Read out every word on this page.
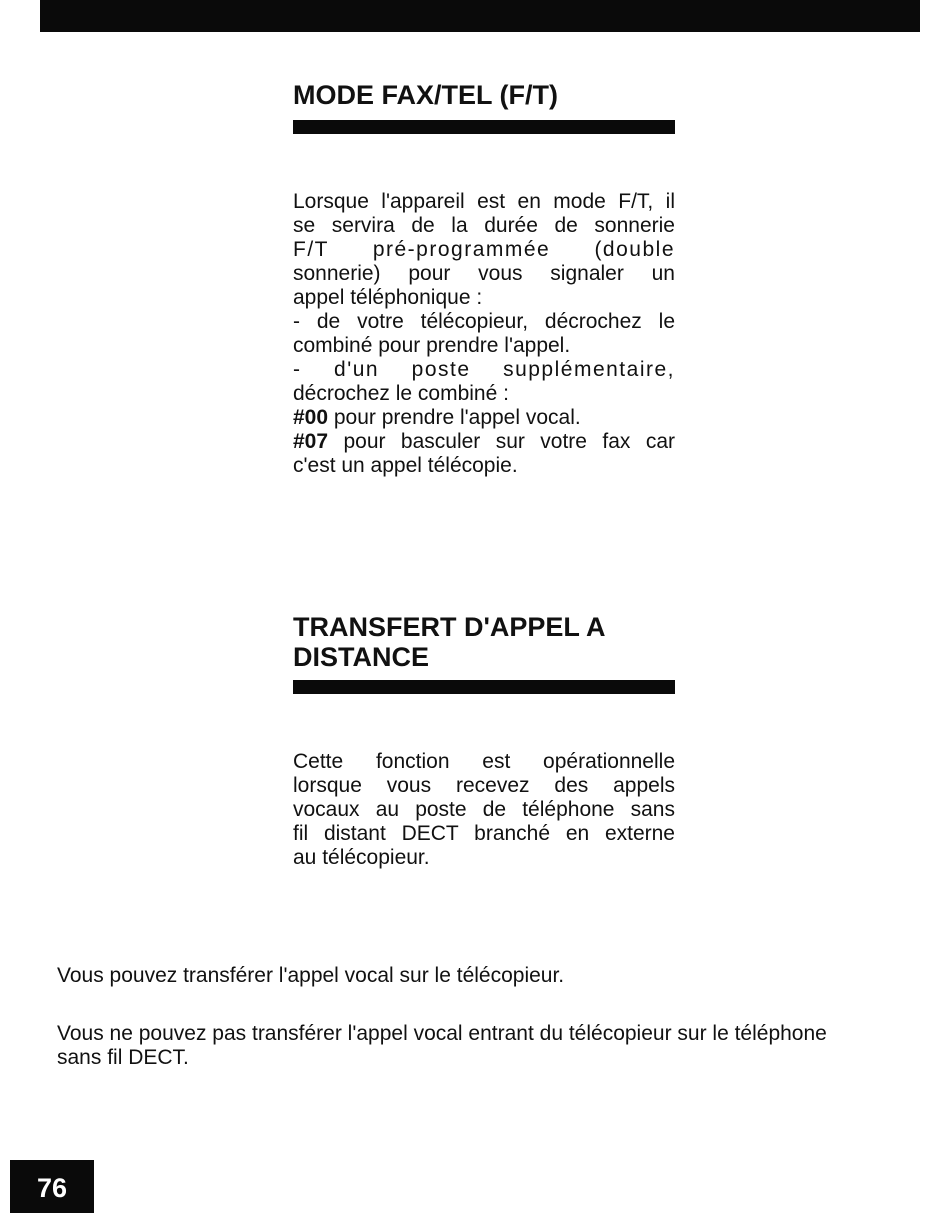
MODE FAX/TEL (F/T)
Lorsque l'appareil est en mode F/T, il
se servira de la durée de sonnerie
F/T pré-programmée (double
sonnerie) pour vous signaler un
appel téléphonique :
- de votre télécopieur, décrochez le
combiné pour prendre l'appel.
- d'un poste supplémentaire,
décrochez le combiné :
#00 pour prendre l'appel vocal.
#07 pour basculer sur votre fax car
c'est un appel télécopie.
TRANSFERT D'APPEL A
DISTANCE
Cette fonction est opérationnelle
lorsque vous recevez des appels
vocaux au poste de téléphone sans
fil distant DECT branché en externe
au télécopieur.

Vous pouvez transférer l'appel vocal sur le télécopieur.

Vous ne pouvez pas transférer l'appel vocal entrant du télécopieur sur le téléphone
sans fil DECT.

76
